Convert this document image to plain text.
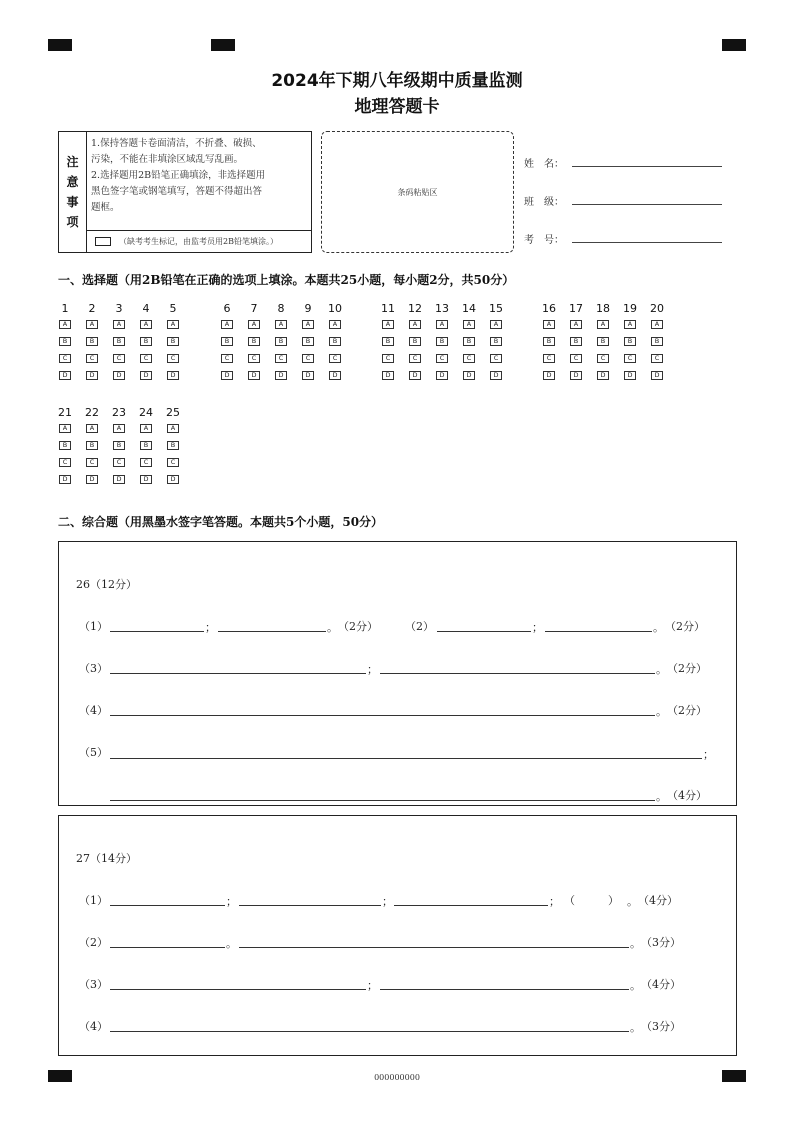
2024年下期八年级期中质量监测
地理答题卡
注
意
事
项
1.保持答题卡卷面清洁，不折叠、破损、
污染，不能在非填涂区域乱写乱画。
2.选择题用2B铅笔正确填涂，非选择题用
黑色签字笔或钢笔填写，答题不得超出答
题框。
（缺考考生标记，由监考员用2B铅笔填涂。）
条码粘贴区
姓　名：
班　级：
考　号：
一、选择题（用2B铅笔在正确的选项上填涂。本题共25小题，每小题2分，共50分）
1
A
B
C
D
2
A
B
C
D
3
A
B
C
D
4
A
B
C
D
5
A
B
C
D
6
A
B
C
D
7
A
B
C
D
8
A
B
C
D
9
A
B
C
D
10
A
B
C
D
11
A
B
C
D
12
A
B
C
D
13
A
B
C
D
14
A
B
C
D
15
A
B
C
D
16
A
B
C
D
17
A
B
C
D
18
A
B
C
D
19
A
B
C
D
20
A
B
C
D
21
A
B
C
D
22
A
B
C
D
23
A
B
C
D
24
A
B
C
D
25
A
B
C
D
二、综合题（用黑墨水签字笔答题。本题共5个小题，50分）
26（12分）
（1）	；	。 （2分） （2）	；	。 （2分）
（3）	；	。 （2分）
（4）	。 （2分）
（5）	；
。 （4分）
27（14分）
（1）	；	；	； （　　　） 。 （4分）
（2）	。	。 （3分）
（3）	；	。 （4分）
（4）	。 （3分）
000000000
